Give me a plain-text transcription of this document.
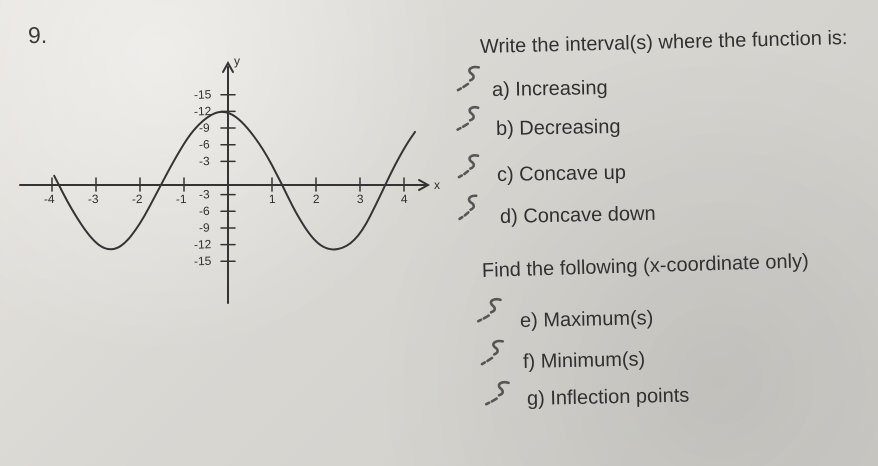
9.
x
y
-4	-3	-2	-1	1	2	3	4
-15
-12
-9
-6
-3
-3
-6
-9
-12
-15
Write the interval(s) where the function is:
a) Increasing
b) Decreasing
c) Concave up
d) Concave down
Find the following (x-coordinate only)
e) Maximum(s)
f) Minimum(s)
g) Inflection points
